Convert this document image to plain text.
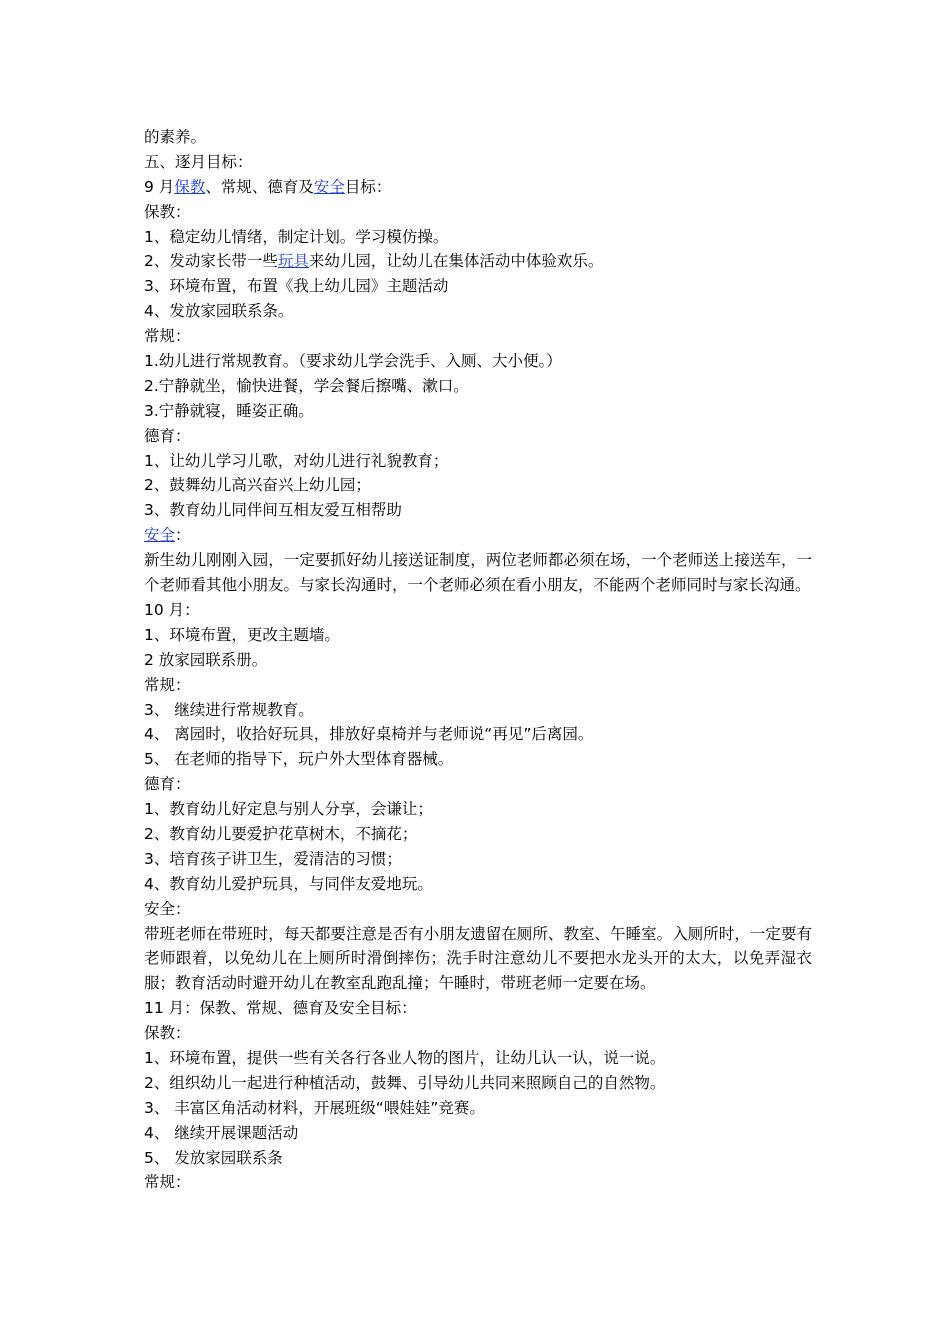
的素养。
五、逐月目标：
9 月保教、常规、德育及安全目标：
保教：
1、稳定幼儿情绪，制定计划。学习模仿操。
2、发动家长带一些玩具来幼儿园，让幼儿在集体活动中体验欢乐。
3、环境布置，布置《我上幼儿园》主题活动
4、发放家园联系条。
常规：
1.幼儿进行常规教育。（要求幼儿学会洗手、入厕、大小便。）
2.宁静就坐，愉快进餐，学会餐后擦嘴、漱口。
3.宁静就寝，睡姿正确。
德育：
1、让幼儿学习儿歌，对幼儿进行礼貌教育；
2、鼓舞幼儿高兴奋兴上幼儿园；
3、教育幼儿同伴间互相友爱互相帮助
安全：
新生幼儿刚刚入园，一定要抓好幼儿接送证制度，两位老师都必须在场，一个老师送上接送车，一个老师看其他小朋友。与家长沟通时，一个老师必须在看小朋友，不能两个老师同时与家长沟通。
10 月：
1、环境布置，更改主题墙。
2 放家园联系册。
常规：
3、 继续进行常规教育。
4、 离园时，收拾好玩具，排放好桌椅并与老师说“再见”后离园。
5、 在老师的指导下，玩户外大型体育器械。
德育：
1、教育幼儿好定息与别人分享，会谦让；
2、教育幼儿要爱护花草树木，不摘花；
3、培育孩子讲卫生，爱清洁的习惯；
4、教育幼儿爱护玩具，与同伴友爱地玩。
安全：
带班老师在带班时，每天都要注意是否有小朋友遗留在厕所、教室、午睡室。入厕所时，一定要有老师跟着，以免幼儿在上厕所时滑倒摔伤；洗手时注意幼儿不要把水龙头开的太大，以免弄湿衣服；教育活动时避开幼儿在教室乱跑乱撞；午睡时，带班老师一定要在场。
11 月：保教、常规、德育及安全目标：
保教：
1、环境布置，提供一些有关各行各业人物的图片，让幼儿认一认，说一说。
2、组织幼儿一起进行种植活动，鼓舞、引导幼儿共同来照顾自己的自然物。
3、 丰富区角活动材料，开展班级“喂娃娃”竞赛。
4、 继续开展课题活动
5、 发放家园联系条
常规：
